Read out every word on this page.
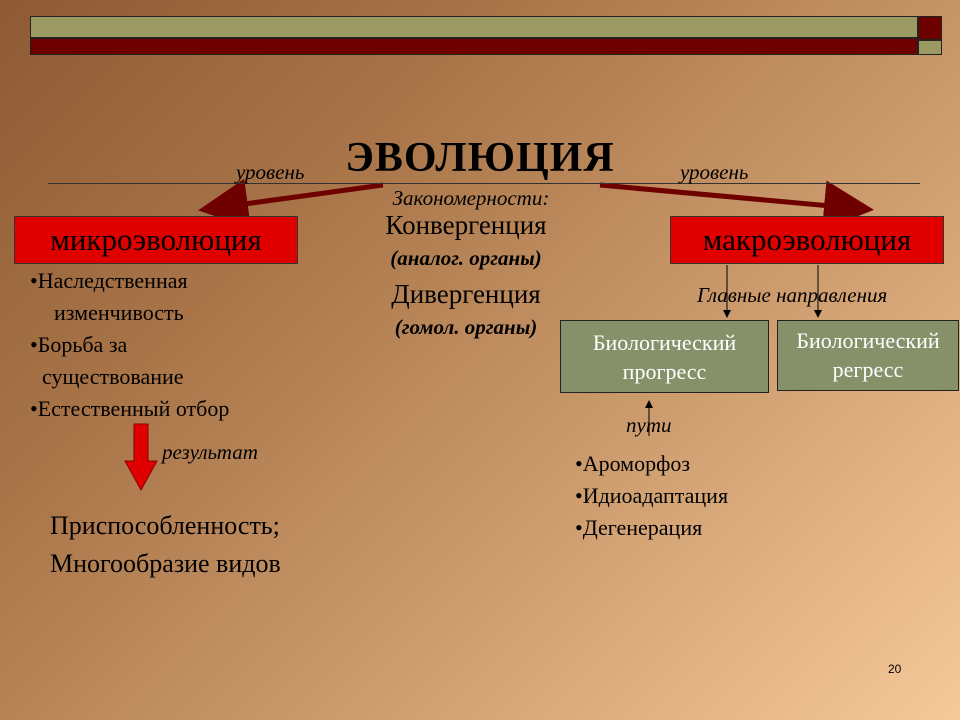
ЭВОЛЮЦИЯ
уровень	уровень
Закономерности:
Конвергенция
(аналог. органы)
Дивергенция
(гомол. органы)
микроэволюция
•Наследственная
изменчивость
•Борьба за
существование
•Естественный отбор
результат
Приспособленность;
Многообразие видов
макроэволюция
Главные направления
Биологический
прогресс
Биологический
регресс
пути
•Ароморфоз
•Идиоадаптация
•Дегенерация
20
